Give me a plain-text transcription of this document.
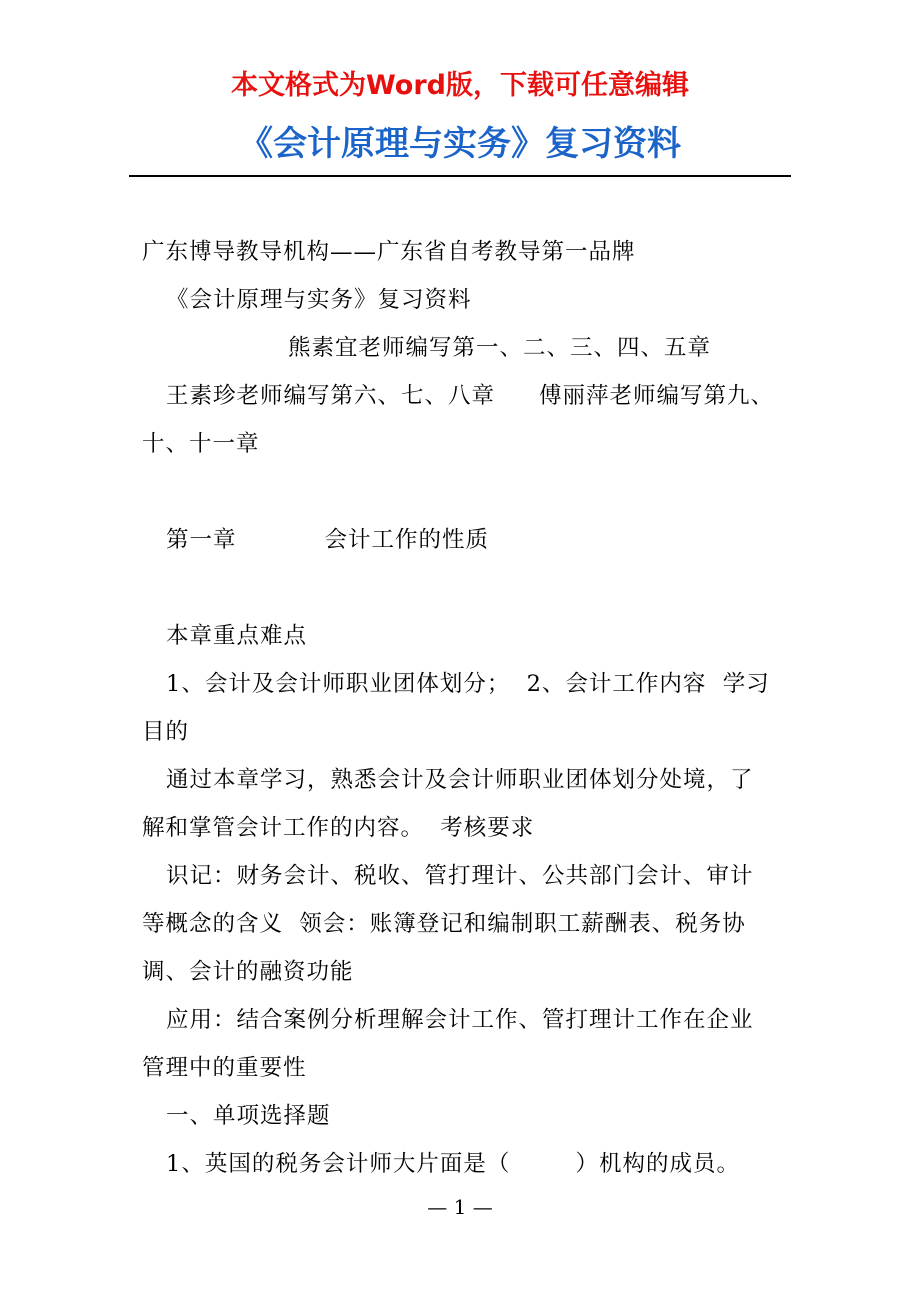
本文格式为Word版，下载可任意编辑
《会计原理与实务》复习资料

广东博导教导机构——广东省自考教导第一品牌

《会计原理与实务》复习资料

熊素宜老师编写第一、二、三、四、五章

王素珍老师编写第六、七、八章 傅丽萍老师编写第九、

十、十一章

第一章	会计工作的性质

本章重点难点

1、会计及会计师职业团体划分；  2、会计工作内容  学习

目的

通过本章学习，熟悉会计及会计师职业团体划分处境，了

解和掌管会计工作的内容。  考核要求

识记：财务会计、税收、管打理计、公共部门会计、审计

等概念的含义  领会：账簿登记和编制职工薪酬表、税务协

调、会计的融资功能

应用：结合案例分析理解会计工作、管打理计工作在企业

管理中的重要性

一、单项选择题

1、英国的税务会计师大片面是（        ）机构的成员。

— 1 —
